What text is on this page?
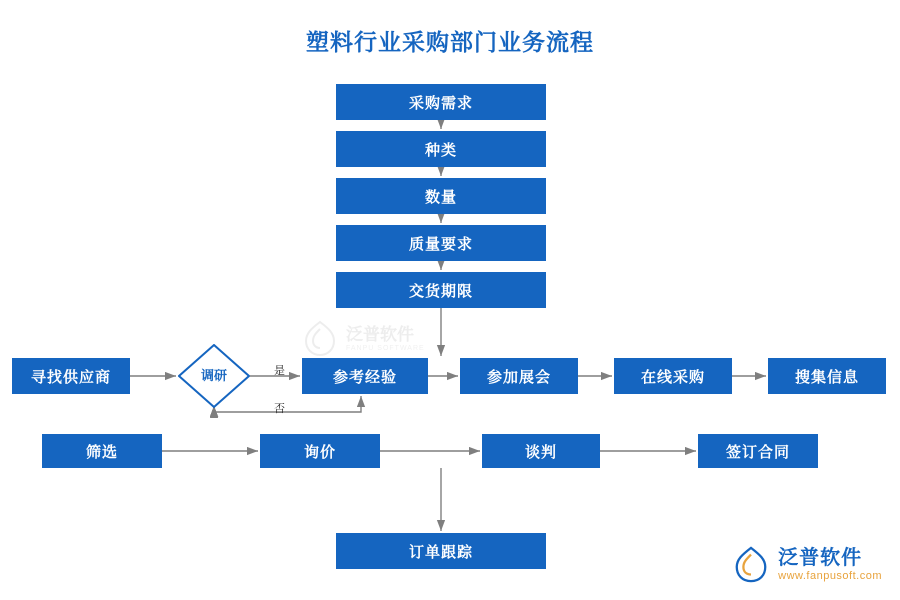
塑料行业采购部门业务流程
采购需求
种类
数量
质量要求
交货期限
寻找供应商	调研	是
否
参考经验	参加展会	在线采购	搜集信息
筛选	询价	谈判	签订合同
订单跟踪
泛普软件
FANPU SOFTWARE
泛普软件
www.fanpusoft.com
